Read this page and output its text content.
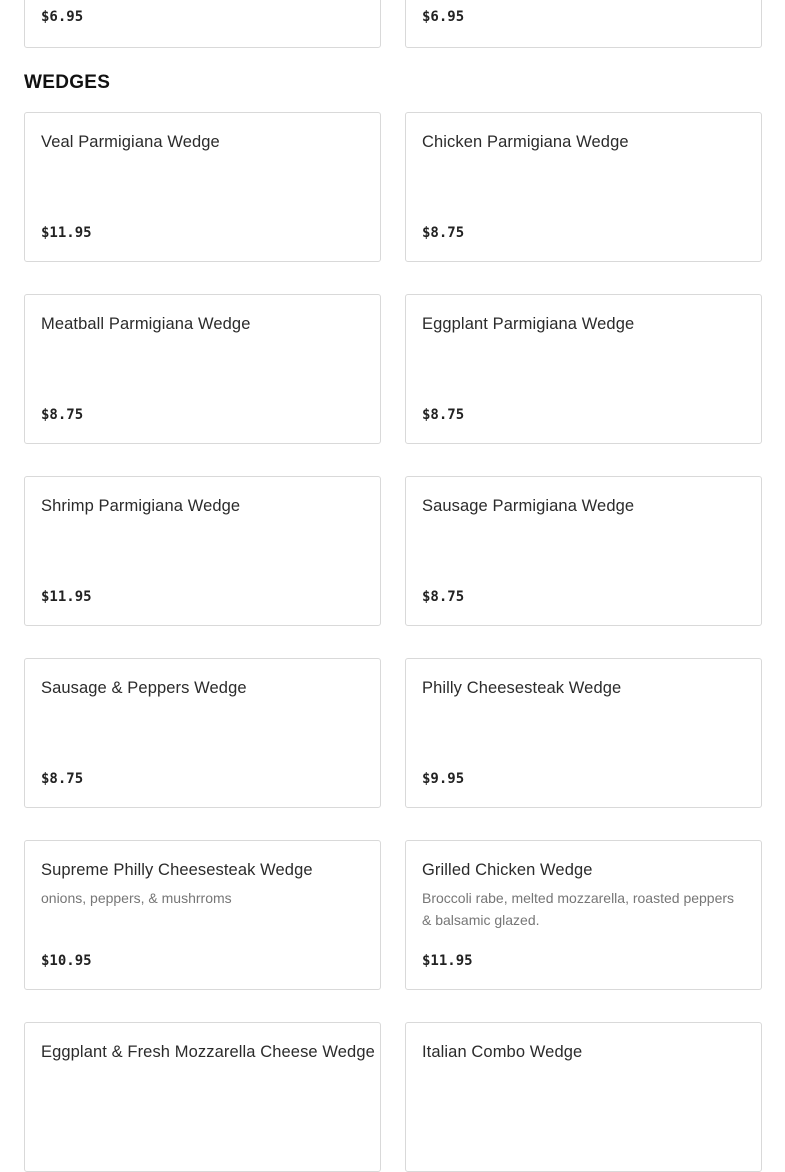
$6.95	$6.95
WEDGES
Veal Parmigiana Wedge
$11.95
Chicken Parmigiana Wedge
$8.75
Meatball Parmigiana Wedge
$8.75
Eggplant Parmigiana Wedge
$8.75
Shrimp Parmigiana Wedge
$11.95
Sausage Parmigiana Wedge
$8.75
Sausage & Peppers Wedge
$8.75
Philly Cheesesteak Wedge
$9.95
Supreme Philly Cheesesteak Wedge
onions, peppers, & mushrroms
$10.95
Grilled Chicken Wedge
Broccoli rabe, melted mozzarella, roasted peppers & balsamic glazed.
$11.95
Eggplant & Fresh Mozzarella Cheese Wedge	Italian Combo Wedge
